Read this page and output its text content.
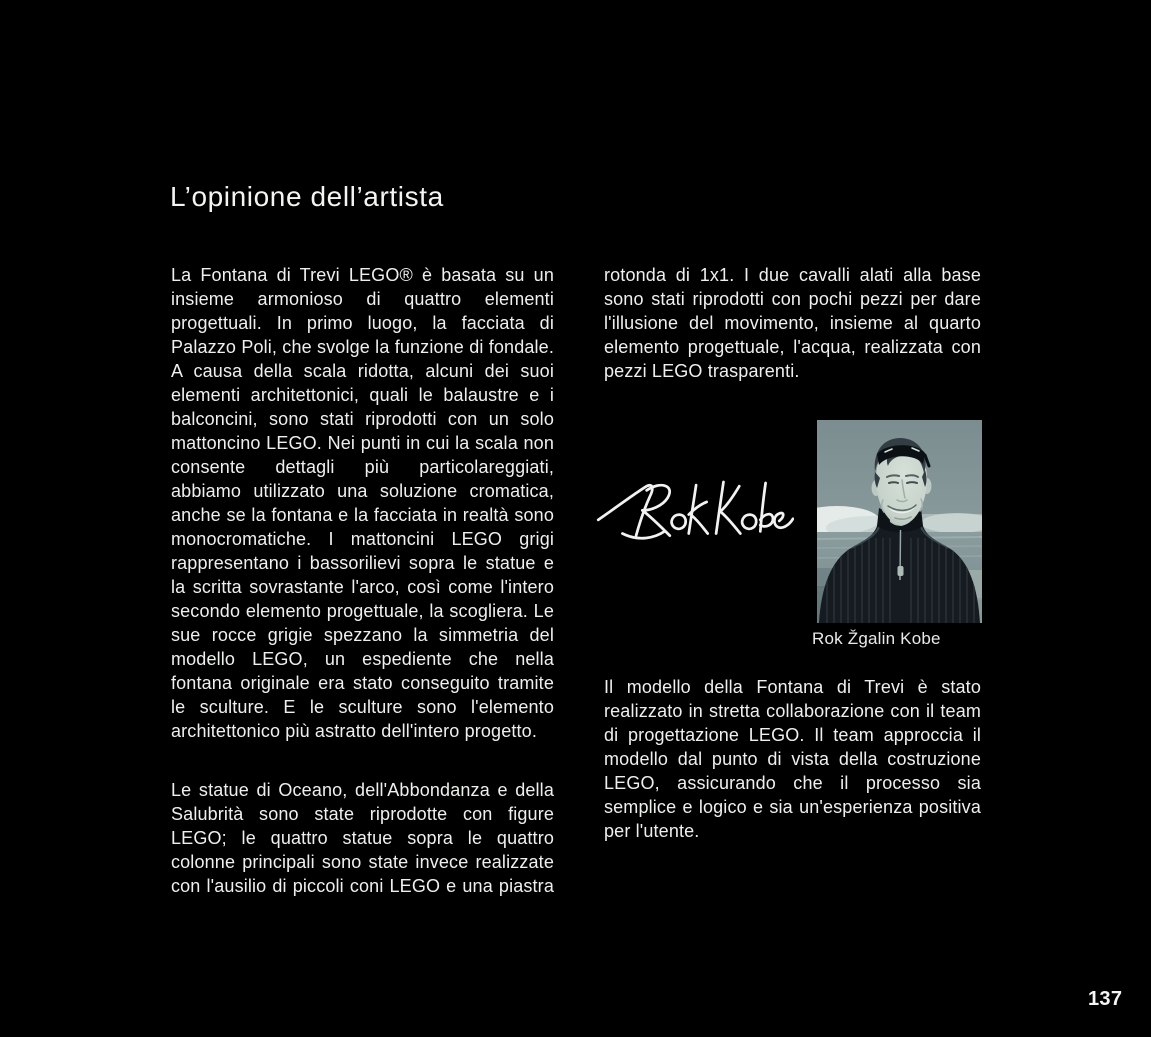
L’opinione dell’artista

La Fontana di Trevi LEGO® è basata su un insieme armonioso di quattro elementi progettuali. In primo luogo, la facciata di Palazzo Poli, che svolge la funzione di fondale. A causa della scala ridotta, alcuni dei suoi elementi architettonici, quali le balaustre e i balconcini, sono stati riprodotti con un solo mattoncino LEGO. Nei punti in cui la scala non consente dettagli più particolareggiati, abbiamo utilizzato una soluzione cromatica, anche se la fontana e la facciata in realtà sono monocromatiche. I mattoncini LEGO grigi rappresentano i bassorilievi sopra le statue e la scritta sovrastante l'arco, così come l'intero secondo elemento progettuale, la scogliera. Le sue rocce grigie spezzano la simmetria del modello LEGO, un espediente che nella fontana originale era stato conseguito tramite le sculture. E le sculture sono l'elemento architettonico più astratto dell'intero progetto.

Le statue di Oceano, dell'Abbondanza e della Salubrità sono state riprodotte con figure LEGO; le quattro statue sopra le quattro colonne principali sono state invece realizzate con l'ausilio di piccoli coni LEGO e una piastra

rotonda di 1x1. I due cavalli alati alla base sono stati riprodotti con pochi pezzi per dare l'illusione del movimento, insieme al quarto elemento progettuale, l'acqua, realizzata con pezzi LEGO trasparenti.

Rok Žgalin Kobe

Il modello della Fontana di Trevi è stato realizzato in stretta collaborazione con il team di progettazione LEGO. Il team approccia il modello dal punto di vista della costruzione LEGO, assicurando che il processo sia semplice e logico e sia un'esperienza positiva per l'utente.

137
